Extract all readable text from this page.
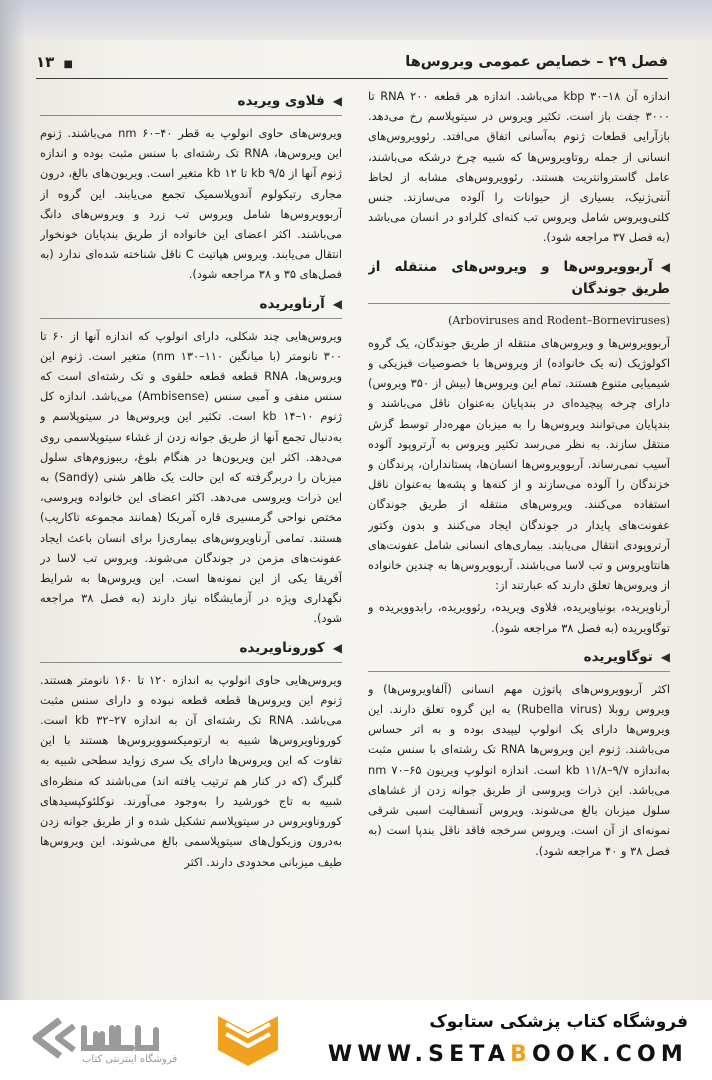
فصل ۲۹ – خصایص عمومی ویروس‌ها
۱۳ ■

اندازه آن kbp ۳۰–۱۸ می‌باشد. اندازه هر قطعه RNA ۲۰۰ تا ۳۰۰۰ جفت باز است. تکثیر ویروس در سیتوپلاسم رخ می‌دهد. بازآرایی قطعات ژنوم به‌آسانی اتفاق می‌افتد. رئوویروس‌های انسانی از جمله روتاویروس‌ها که شبیه چرخ درشکه می‌باشند، عامل گاستروانتریت هستند. رئوویروس‌های مشابه از لحاظ آنتی‌ژنیک، بسیاری از حیوانات را آلوده می‌سازند. جنس کلتی‌ویروس شامل ویروس تب کنه‌ای کلرادو در انسان می‌باشد (به فصل ۳۷ مراجعه شود).

◀آربوویروس‌ها و ویروس‌های منتقله از طریق جوندگان

(Arboviruses and Rodent–Borneviruses)

آربوویروس‌ها و ویروس‌های منتقله از طریق جوندگان، یک گروه اکولوژیک (نه یک خانواده) از ویروس‌ها با خصوصیات فیزیکی و شیمیایی متنوع هستند. تمام این ویروس‌ها (بیش از ۳۵۰ ویروس) دارای چرخه پیچیده‌ای در بندپایان به‌عنوان ناقل می‌باشند و بندپایان می‌توانند ویروس‌ها را به میزبان مهره‌دار توسط گزش منتقل سازند. به نظر می‌رسد تکثیر ویروس به آرتروپود آلوده آسیب نمی‌رساند. آربوویروس‌ها انسان‌ها، پستانداران، پرندگان و خزندگان را آلوده می‌سازند و از کنه‌ها و پشه‌ها به‌عنوان ناقل استفاده می‌کنند. ویروس‌های منتقله از طریق جوندگان عفونت‌های پایدار در جوندگان ایجاد می‌کنند و بدون وکتور آرتروپودی انتقال می‌یابند. بیماری‌های انسانی شامل عفونت‌های هانتاویروس و تب لاسا می‌باشند. آربوویروس‌ها به چندین خانواده از ویروس‌ها تعلق دارند که عبارتند از:

آرناویریده، بونیاویریده، فلاوی ویریده، رئوویریده، رابدوویریده و توگاویریده (به فصل ۳۸ مراجعه شود).

◀توگاویریده

اکثر آربوویروس‌های پاتوژن مهم انسانی (آلفاویروس‌ها) و ویروس روبلا (Rubella virus) به این گروه تعلق دارند. این ویروس‌ها دارای یک انولوپ لیپیدی بوده و به اتر حساس می‌باشند. ژنوم این ویروس‌ها RNA تک رشته‌ای با سنس مثبت به‌اندازه kb ۱۱/۸–۹/۷ است. اندازه انولوپ ویریون nm ۷۰–۶۵ می‌باشد. این ذرات ویروسی از طریق جوانه زدن از غشاهای سلول میزبان بالغ می‌شوند. ویروس آنسفالیت اسبی شرقی نمونه‌ای از آن است. ویروس سرخجه فاقد ناقل بندپا است (به فصل ۳۸ و ۴۰ مراجعه شود).

◀فلاوی ویریده

ویروس‌های حاوی انولوپ به قطر nm ۶۰–۴۰ می‌باشند. ژنوم این ویروس‌ها، RNA تک رشته‌ای با سنس مثبت بوده و اندازه ژنوم آنها از kb ۹/۵ تا ۱۲ kb متغیر است. ویریون‌های بالغ، درون مجاری رتیکولوم آندوپلاسمیک تجمع می‌یابند. این گروه از آربوویروس‌ها شامل ویروس تب زرد و ویروس‌های دانگ می‌باشند. اکثر اعضای این خانواده از طریق بندپایان خونخوار انتقال می‌یابند. ویروس هپاتیت C ناقل شناخته شده‌ای ندارد (به فصل‌های ۳۵ و ۳۸ مراجعه شود).

◀آرناویریده

ویروس‌هایی چند شکلی، دارای انولوپ که اندازه آنها از ۶۰ تا ۳۰۰ نانومتر (با میانگین nm ۱۳۰–۱۱۰) متغیر است. ژنوم این ویروس‌ها، RNA قطعه قطعه حلقوی و تک رشته‌ای است که سنس منفی و آمبی سنس (Ambisense) می‌باشد. اندازه کل ژنوم kb ۱۴–۱۰ است. تکثیر این ویروس‌ها در سیتوپلاسم و به‌دنبال تجمع آنها از طریق جوانه زدن از غشاء سیتوپلاسمی روی می‌دهد. اکثر این ویریون‌ها در هنگام بلوغ، ریبوزوم‌های سلول میزبان را دربرگرفته که این حالت یک ظاهر شنی (Sandy) به این ذرات ویروسی می‌دهد. اکثر اعضای این خانواده ویروسی، مختص نواحی گرمسیری قاره آمریکا (همانند مجموعه تاکاریب) هستند. تمامی آرناویروس‌های بیماری‌زا برای انسان باعث ایجاد عفونت‌های مزمن در جوندگان می‌شوند. ویروس تب لاسا در آفریقا یکی از این نمونه‌ها است. این ویروس‌ها به شرایط نگهداری ویژه در آزمایشگاه نیاز دارند (به فصل ۳۸ مراجعه شود).

◀کوروناویریده

ویروس‌هایی حاوی انولوپ به اندازه ۱۲۰ تا ۱۶۰ نانومتر هستند. ژنوم این ویروس‌ها قطعه قطعه نبوده و دارای سنس مثبت می‌باشد. RNA تک رشته‌ای آن به اندازه kb ۳۲–۲۷ است. کوروناویروس‌ها شبیه به ارتومیکسوویروس‌ها هستند با این تفاوت که این ویروس‌ها دارای یک سری زواید سطحی شبیه به گلبرگ (که در کنار هم ترتیب یافته اند) می‌باشند که منظره‌ای شبیه به تاج خورشید را به‌وجود می‌آورند. نوکلئوکپسیدهای کوروناویروس در سیتوپلاسم تشکیل شده و از طریق جوانه زدن به‌درون وزیکول‌های سیتوپلاسمی بالغ می‌شوند. این ویروس‌ها طیف میزبانی محدودی دارند. اکثر

فروشگاه اینترنتی کتاب
فروشگاه کتاب پزشکی ستابوک
WWW.SETABOOK.COM
